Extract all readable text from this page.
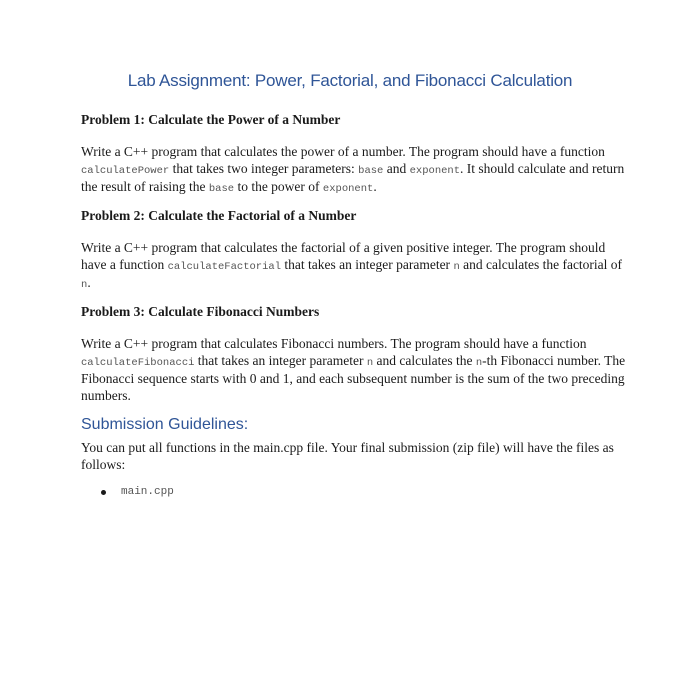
Lab Assignment: Power, Factorial, and Fibonacci Calculation

Problem 1: Calculate the Power of a Number

Write a C++ program that calculates the power of a number. The program should have a function calculatePower that takes two integer parameters: base and exponent. It should calculate and return the result of raising the base to the power of exponent.

Problem 2: Calculate the Factorial of a Number

Write a C++ program that calculates the factorial of a given positive integer. The program should have a function calculateFactorial that takes an integer parameter n and calculates the factorial of n.

Problem 3: Calculate Fibonacci Numbers

Write a C++ program that calculates Fibonacci numbers. The program should have a function calculateFibonacci that takes an integer parameter n and calculates the n-th Fibonacci number. The Fibonacci sequence starts with 0 and 1, and each subsequent number is the sum of the two preceding numbers.

Submission Guidelines:

You can put all functions in the main.cpp file. Your final submission (zip file) will have the files as follows:

main.cpp
